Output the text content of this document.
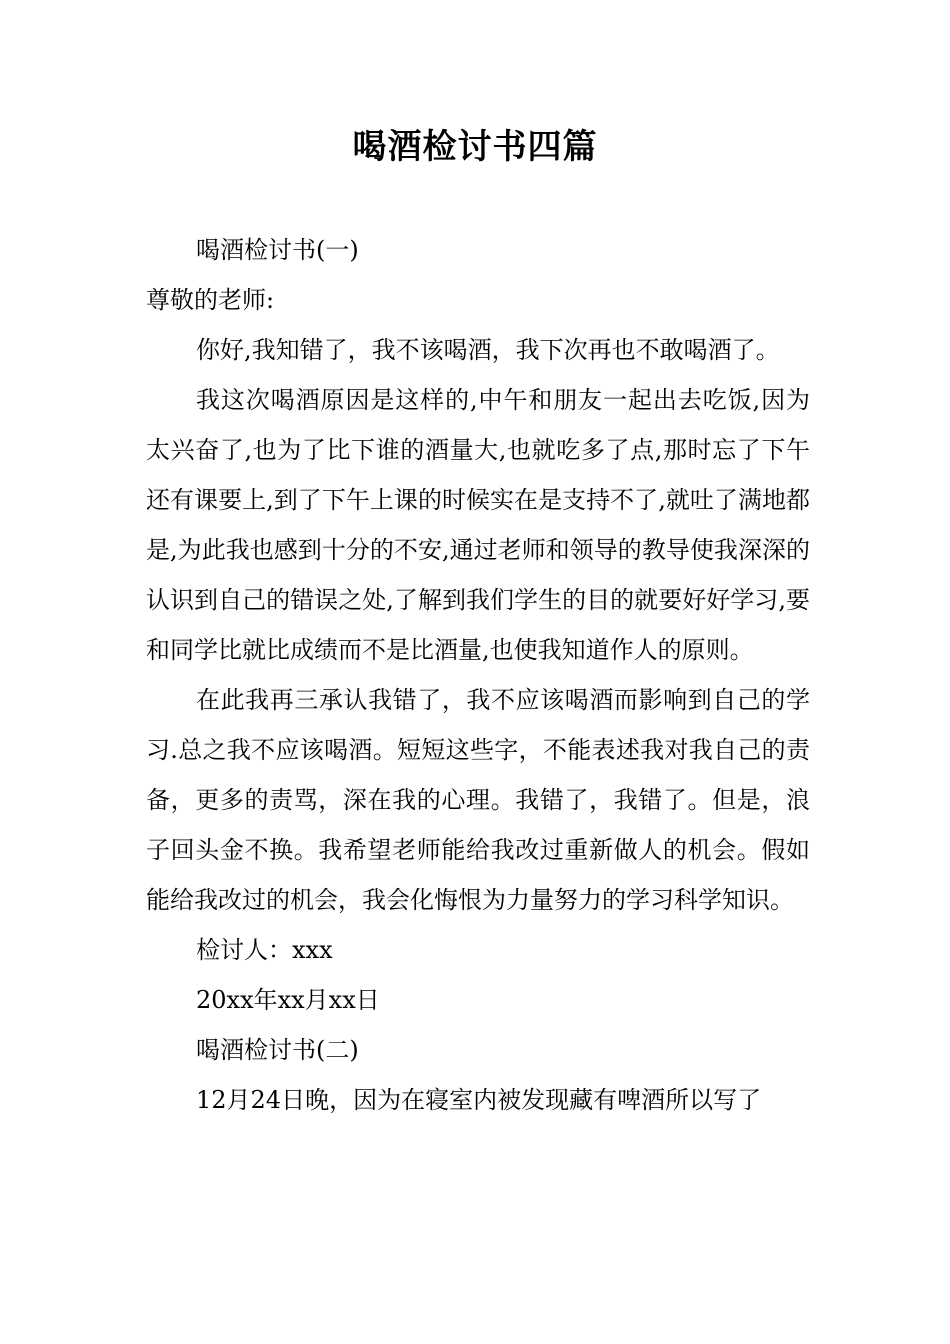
喝酒检讨书四篇

喝酒检讨书(一)

尊敬的老师:

你好,我知错了，我不该喝酒，我下次再也不敢喝酒了。

我这次喝酒原因是这样的,中午和朋友一起出去吃饭,因为太兴奋了,也为了比下谁的酒量大,也就吃多了点,那时忘了下午还有课要上,到了下午上课的时候实在是支持不了,就吐了满地都是,为此我也感到十分的不安,通过老师和领导的教导使我深深的认识到自己的错误之处,了解到我们学生的目的就要好好学习,要和同学比就比成绩而不是比酒量,也使我知道作人的原则。

在此我再三承认我错了，我不应该喝酒而影响到自己的学习.总之我不应该喝酒。短短这些字，不能表述我对我自己的责备，更多的责骂，深在我的心理。我错了，我错了。但是，浪子回头金不换。我希望老师能给我改过重新做人的机会。假如能给我改过的机会，我会化悔恨为力量努力的学习科学知识。

检讨人：xxx

20xx年xx月xx日

喝酒检讨书(二)

12月24日晚，因为在寝室内被发现藏有啤酒所以写了
